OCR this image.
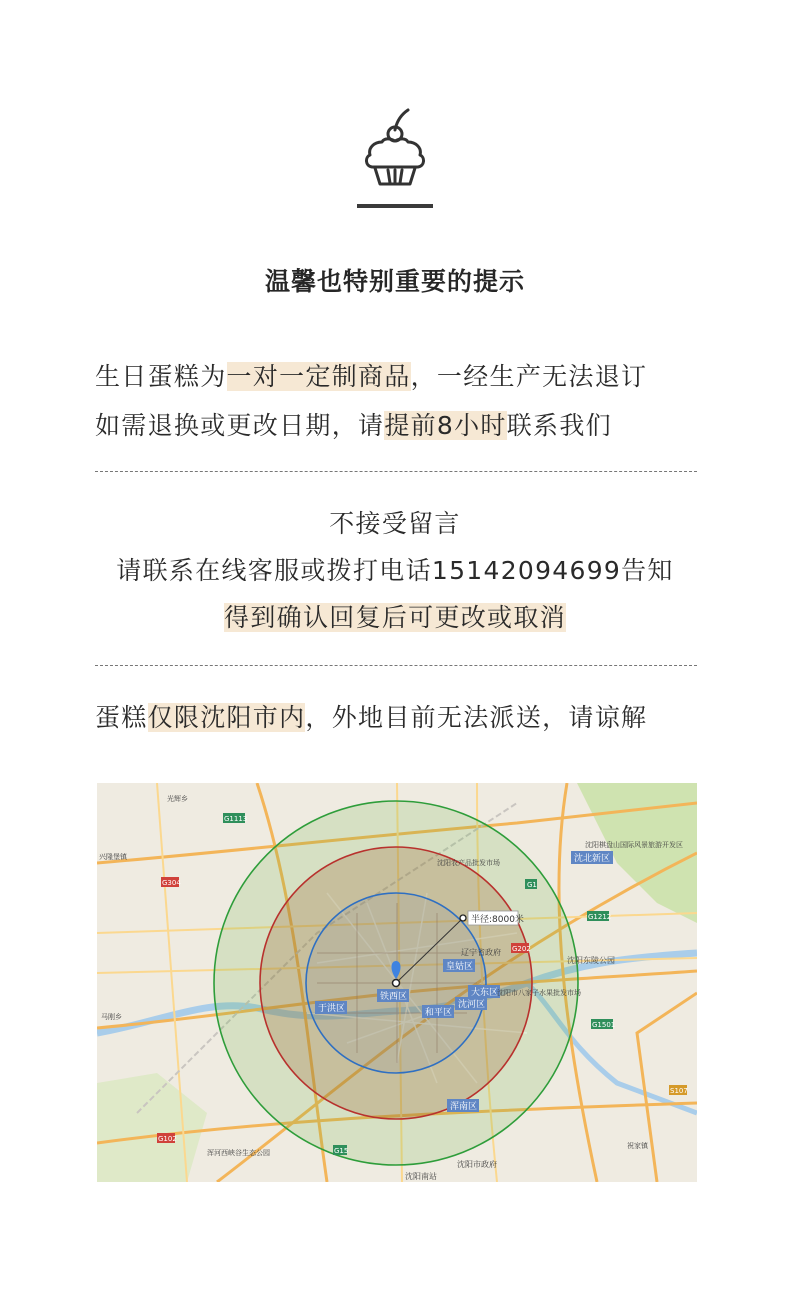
温馨也特别重要的提示
生日蛋糕为一对一定制商品，一经生产无法退订
如需退换或更改日期，请提前8小时联系我们
不接受留言
请联系在线客服或拨打电话15142094699告知
得到确认回复后可更改或取消
蛋糕仅限沈阳市内，外地目前无法派送，请谅解
半径:8000米
铁西区
于洪区	和平区
沈河区
大东区
皇姑区
浑南区
沈北新区
辽宁省政府
沈阳市八家子水果批发市场
沈阳东陵公园
沈阳市政府
沈阳南站
沈阳棋盘山国际风景旅游开发区
浑河西峡谷生态公园
兴隆堡镇
沈阳农产品批发市场
祝家镇
光辉乡
马刚乡
G1113
G304	G1
G202
G102
G1212
G1501
S107
G15
